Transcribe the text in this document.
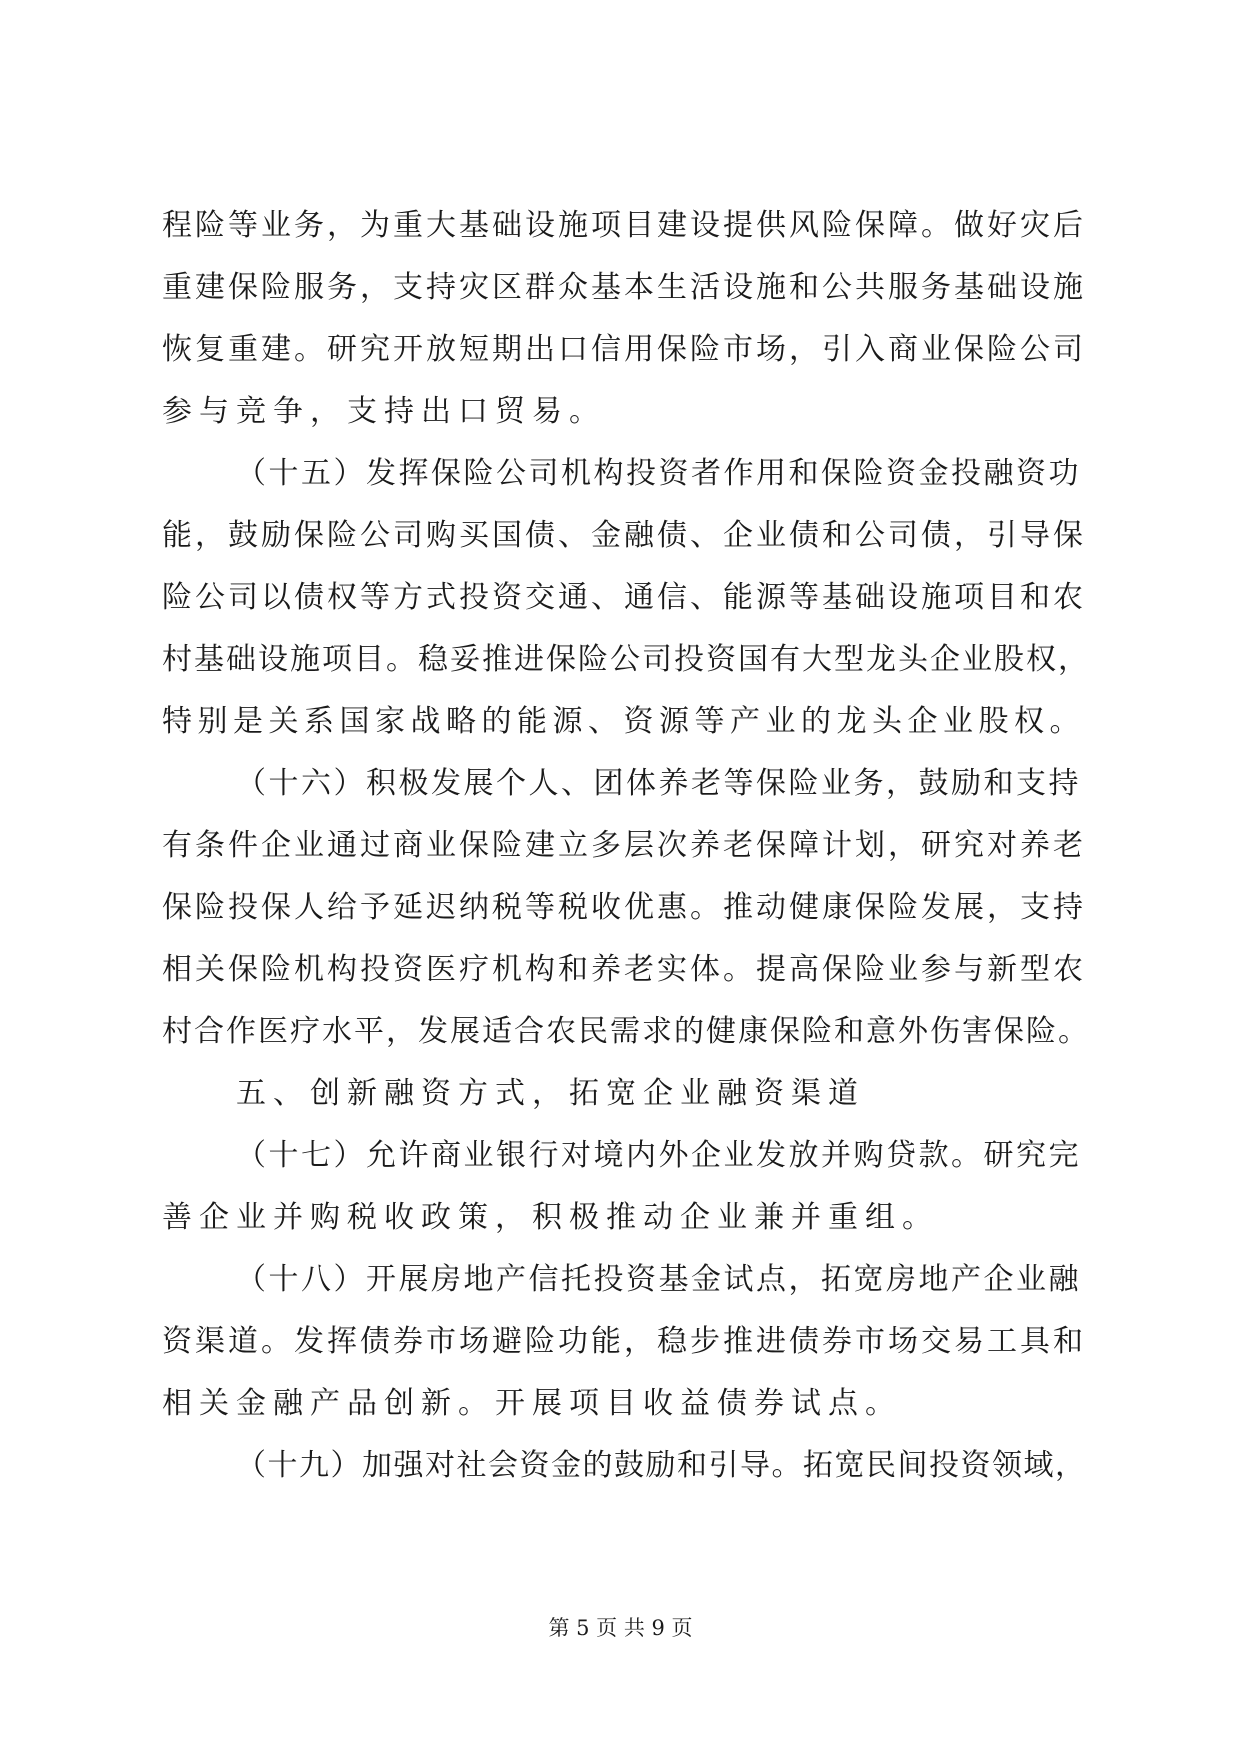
程险等业务，为重大基础设施项目建设提供风险保障。做好灾后
重建保险服务，支持灾区群众基本生活设施和公共服务基础设施
恢复重建。研究开放短期出口信用保险市场，引入商业保险公司
参与竞争，支持出口贸易。
（十五）发挥保险公司机构投资者作用和保险资金投融资功
能，鼓励保险公司购买国债、金融债、企业债和公司债，引导保
险公司以债权等方式投资交通、通信、能源等基础设施项目和农
村基础设施项目。稳妥推进保险公司投资国有大型龙头企业股权，
特别是关系国家战略的能源、资源等产业的龙头企业股权。
（十六）积极发展个人、团体养老等保险业务，鼓励和支持
有条件企业通过商业保险建立多层次养老保障计划，研究对养老
保险投保人给予延迟纳税等税收优惠。推动健康保险发展，支持
相关保险机构投资医疗机构和养老实体。提高保险业参与新型农
村合作医疗水平，发展适合农民需求的健康保险和意外伤害保险。
五、创新融资方式，拓宽企业融资渠道
（十七）允许商业银行对境内外企业发放并购贷款。研究完
善企业并购税收政策，积极推动企业兼并重组。
（十八）开展房地产信托投资基金试点，拓宽房地产企业融
资渠道。发挥债券市场避险功能，稳步推进债券市场交易工具和
相关金融产品创新。开展项目收益债券试点。
（十九）加强对社会资金的鼓励和引导。拓宽民间投资领域，
第 5 页 共 9 页
